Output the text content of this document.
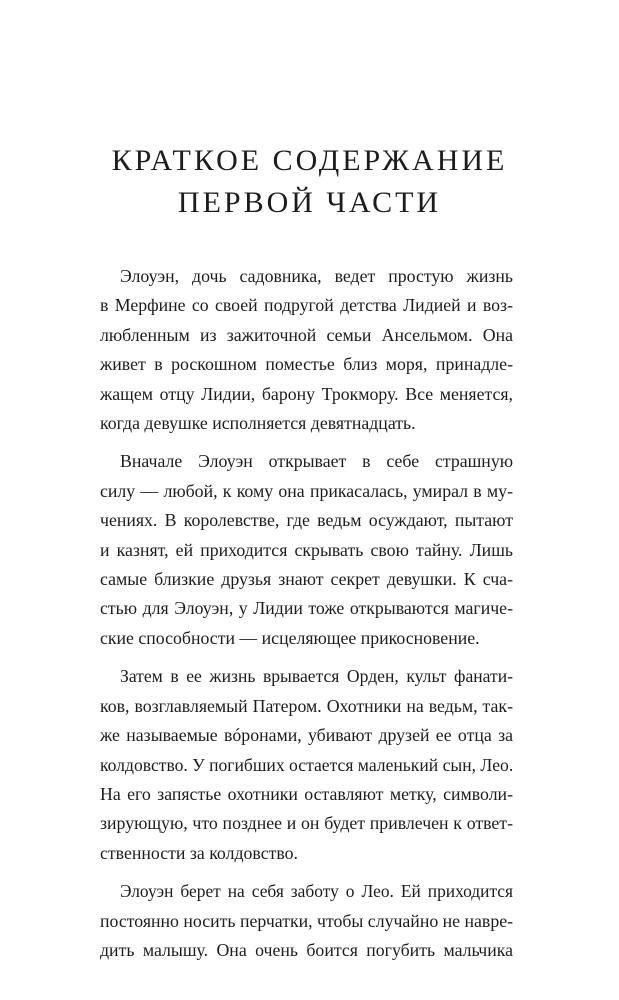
КРАТКОЕ СОДЕРЖАНИЕ
ПЕРВОЙ ЧАСТИ
Элоуэн, дочь садовника, ведет простую жизнь
в Мерфине со своей подругой детства Лидией и воз-
любленным из зажиточной семьи Ансельмом. Она
живет в роскошном поместье близ моря, принадле-
жащем отцу Лидии, барону Трокмору. Все меняется,
когда девушке исполняется девятнадцать.
Вначале Элоуэн открывает в себе страшную
силу — любой, к кому она прикасалась, умирал в му-
чениях. В королевстве, где ведьм осуждают, пытают
и казнят, ей приходится скрывать свою тайну. Лишь
самые близкие друзья знают секрет девушки. К сча-
стью для Элоуэн, у Лидии тоже открываются магиче-
ские способности — исцеляющее прикосновение.
Затем в ее жизнь врывается Орден, культ фанати-
ков, возглавляемый Патером. Охотники на ведьм, так-
же называемые вóронами, убивают друзей ее отца за
колдовство. У погибших остается маленький сын, Лео.
На его запястье охотники оставляют метку, символи-
зирующую, что позднее и он будет привлечен к ответ-
ственности за колдовство.
Элоуэн берет на себя заботу о Лео. Ей приходится
постоянно носить перчатки, чтобы случайно не навре-
дить малышу. Она очень боится погубить мальчика
